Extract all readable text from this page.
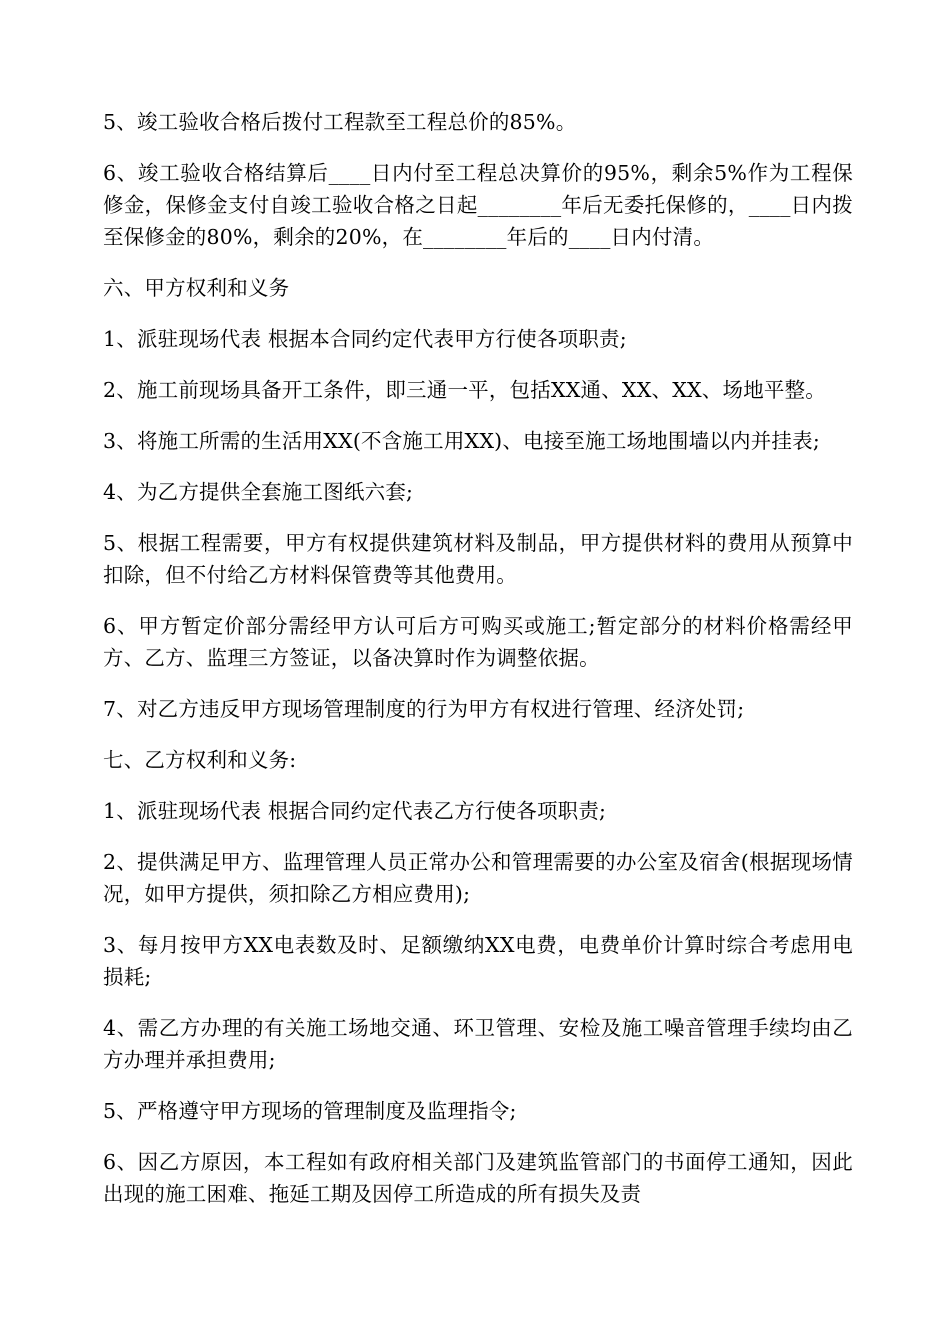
5、竣工验收合格后拨付工程款至工程总价的85%。

6、竣工验收合格结算后____日内付至工程总决算价的95%，剩余5%作为工程保修金，保修金支付自竣工验收合格之日起________年后无委托保修的，____日内拨至保修金的80%，剩余的20%，在________年后的____日内付清。

六、甲方权利和义务

1、派驻现场代表 根据本合同约定代表甲方行使各项职责;

2、施工前现场具备开工条件，即三通一平，包括XX通、XX、XX、场地平整。

3、将施工所需的生活用XX(不含施工用XX)、电接至施工场地围墙以内并挂表;

4、为乙方提供全套施工图纸六套;

5、根据工程需要，甲方有权提供建筑材料及制品，甲方提供材料的费用从预算中扣除，但不付给乙方材料保管费等其他费用。

6、甲方暂定价部分需经甲方认可后方可购买或施工;暂定部分的材料价格需经甲方、乙方、监理三方签证，以备决算时作为调整依据。

7、对乙方违反甲方现场管理制度的行为甲方有权进行管理、经济处罚;

七、乙方权利和义务:

1、派驻现场代表 根据合同约定代表乙方行使各项职责;

2、提供满足甲方、监理管理人员正常办公和管理需要的办公室及宿舍(根据现场情况，如甲方提供，须扣除乙方相应费用);

3、每月按甲方XX电表数及时、足额缴纳XX电费，电费单价计算时综合考虑用电损耗;

4、需乙方办理的有关施工场地交通、环卫管理、安检及施工噪音管理手续均由乙方办理并承担费用;

5、严格遵守甲方现场的管理制度及监理指令;

6、因乙方原因，本工程如有政府相关部门及建筑监管部门的书面停工通知，因此出现的施工困难、拖延工期及因停工所造成的所有损失及责
